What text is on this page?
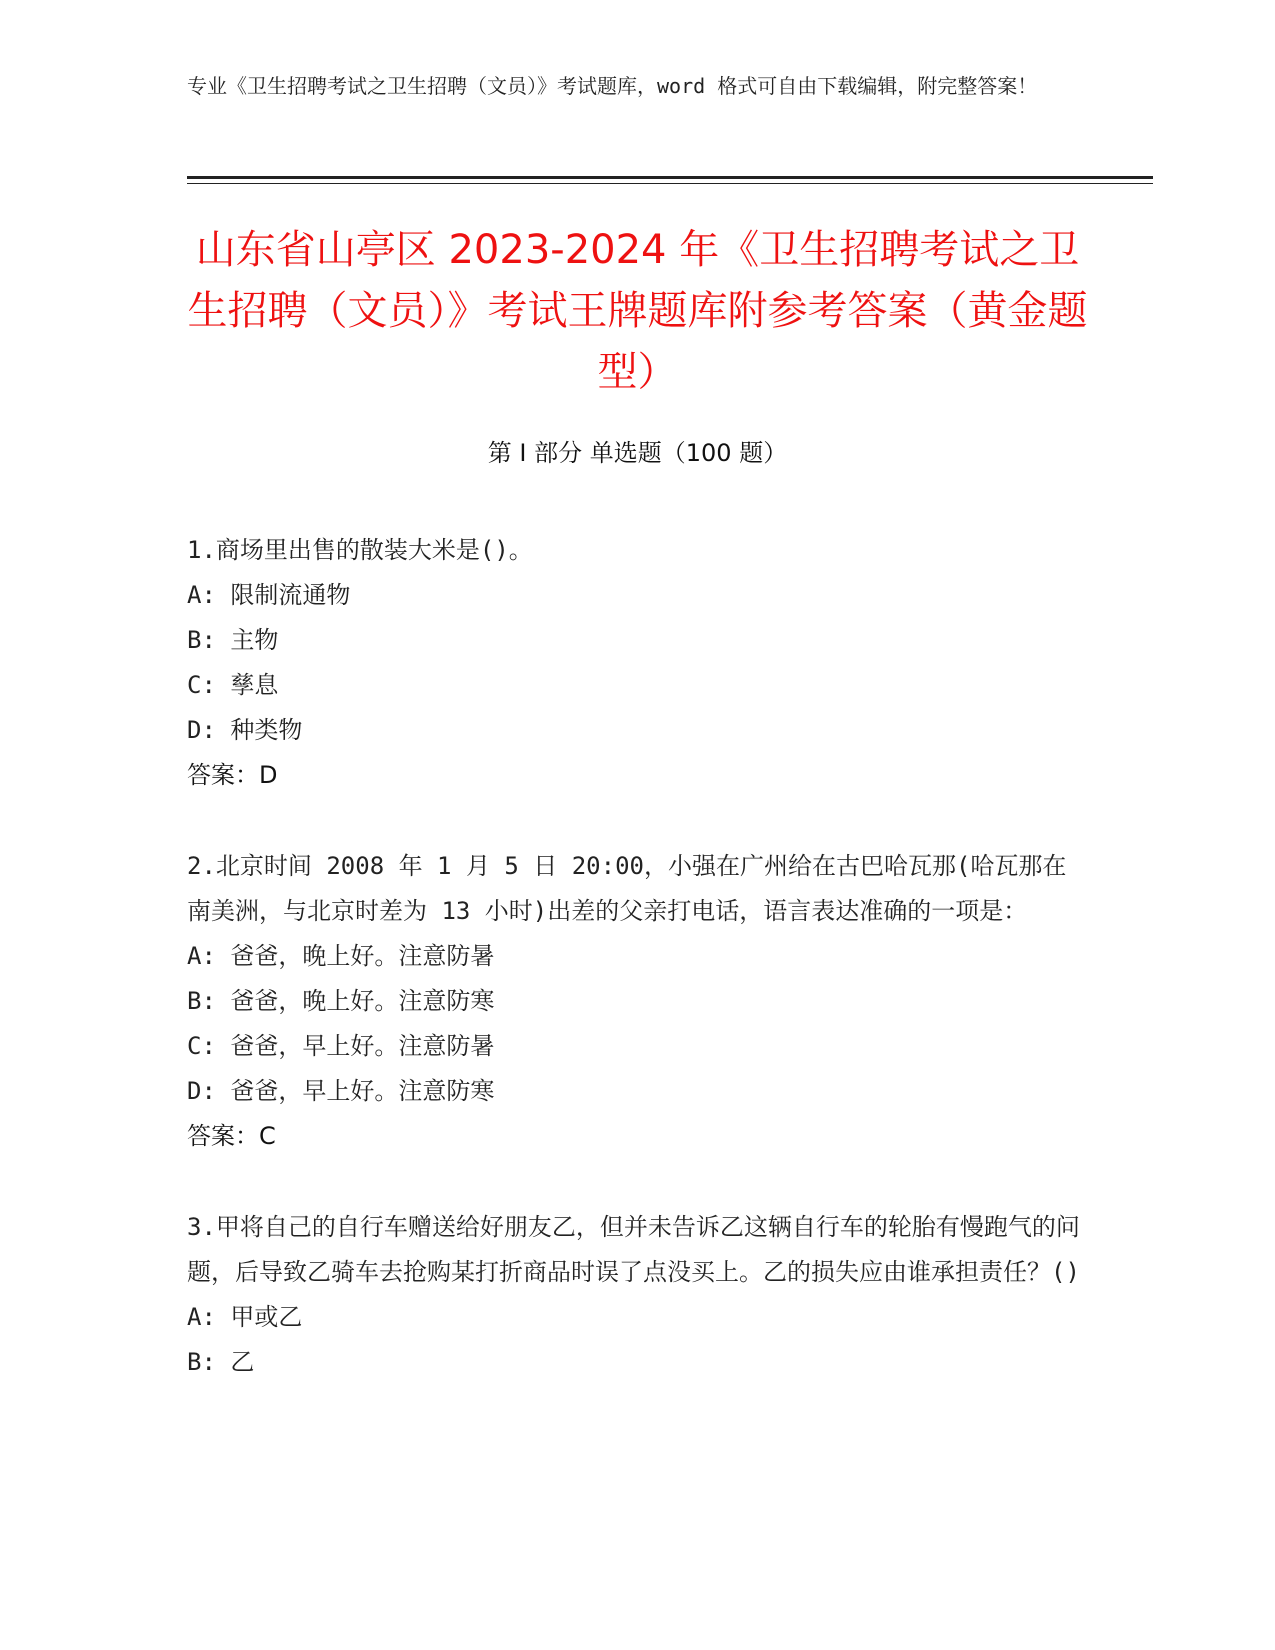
专业《卫生招聘考试之卫生招聘（文员）》考试题库，word 格式可自由下载编辑，附完整答案！
山东省山亭区 2023-2024 年《卫生招聘考试之卫生招聘（文员）》考试王牌题库附参考答案（黄金题型）
第 I 部分 单选题（100 题）
1.商场里出售的散装大米是()。
A: 限制流通物
B: 主物
C: 孳息
D: 种类物
答案：D
2.北京时间 2008 年 1 月 5 日 20:00，小强在广州给在古巴哈瓦那(哈瓦那在南美洲，与北京时差为 13 小时)出差的父亲打电话，语言表达准确的一项是：
A: 爸爸，晚上好。注意防暑
B: 爸爸，晚上好。注意防寒
C: 爸爸，早上好。注意防暑
D: 爸爸，早上好。注意防寒
答案：C
3.甲将自己的自行车赠送给好朋友乙，但并未告诉乙这辆自行车的轮胎有慢跑气的问题，后导致乙骑车去抢购某打折商品时误了点没买上。乙的损失应由谁承担责任？()
A: 甲或乙
B: 乙
